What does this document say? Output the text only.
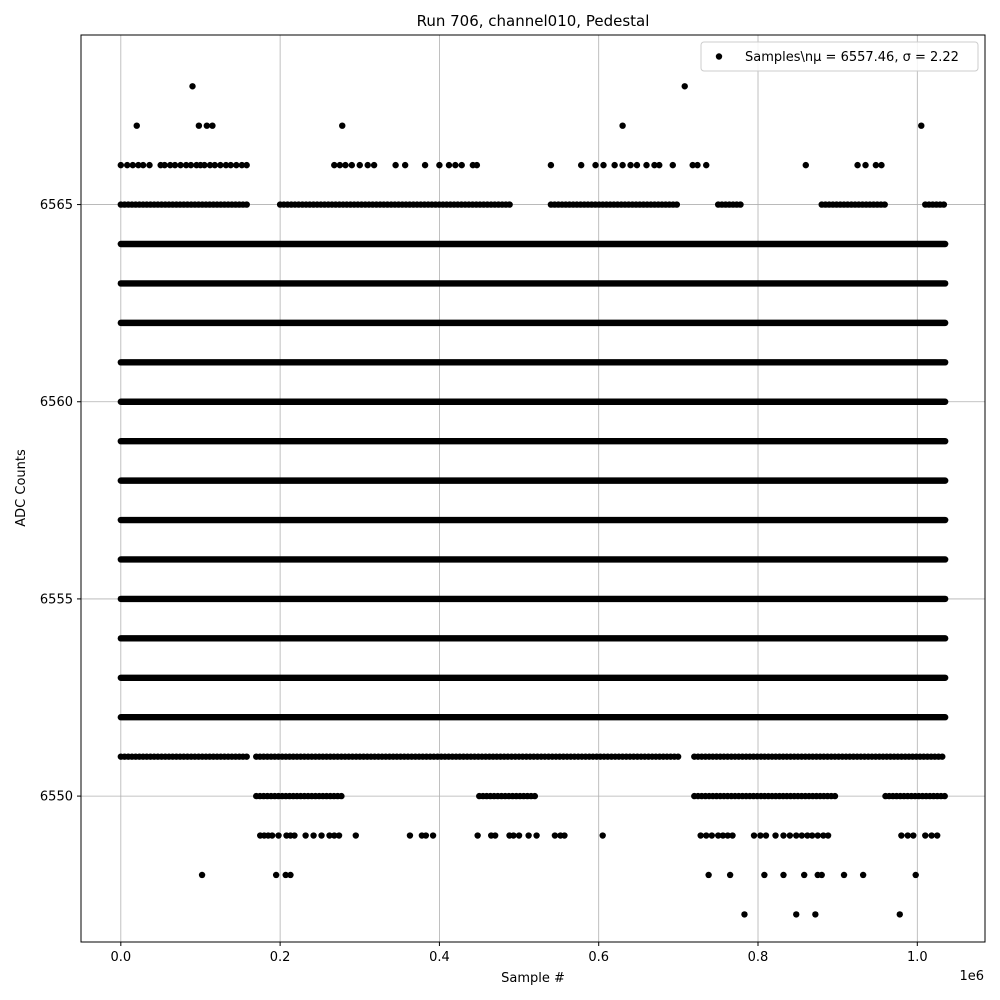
0.0	0.2	0.4	0.6	0.8	1.0
6550
6555
6560
6565
Run 706, channel010, Pedestal
Sample #
ADC Counts
1e6
Samples\nμ = 6557.46, σ = 2.22
